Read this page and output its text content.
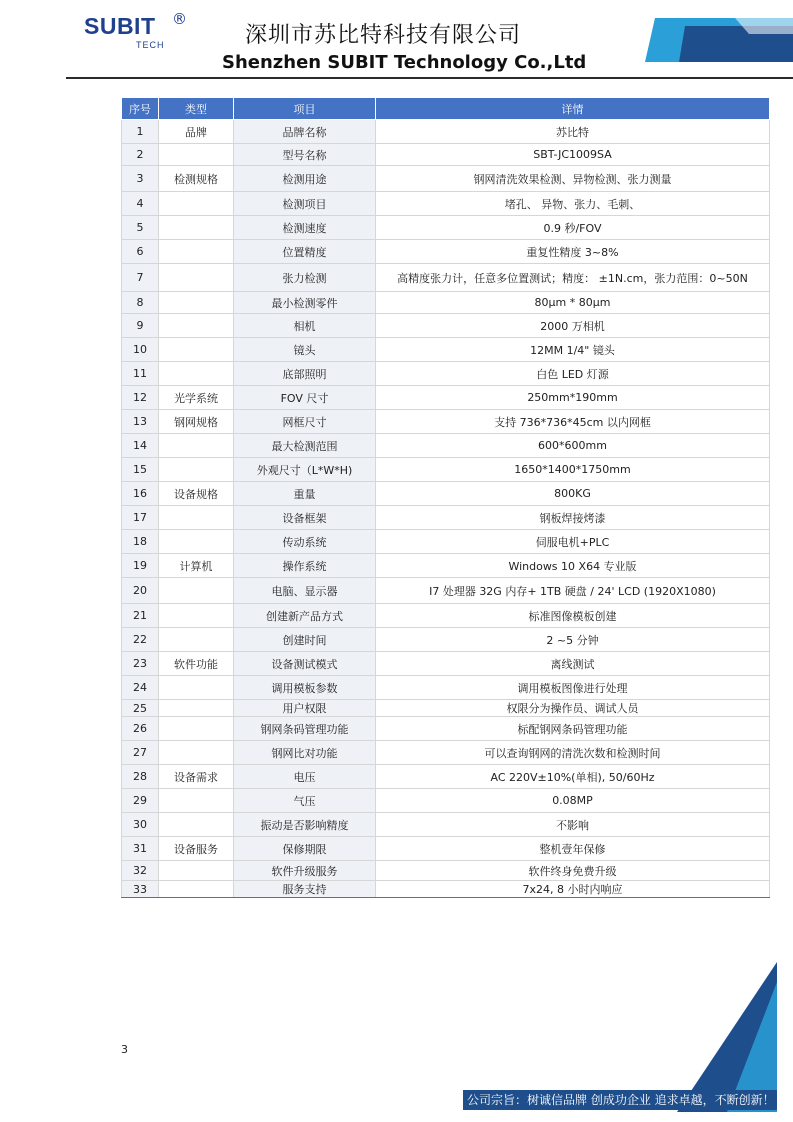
SUBIT ®
TECH	深圳市苏比特科技有限公司
Shenzhen SUBIT Technology Co.,Ltd
序号	类型	项目	详情
1	品牌	品牌名称	苏比特
2		型号名称	SBT-JC1009SA
3	检测规格	检测用途	钢网清洗效果检测、异物检测、张力测量
4		检测项目	堵孔、 异物、张力、毛刺、
5		检测速度	0.9 秒/FOV
6		位置精度	重复性精度 3~8%
7		张力检测	高精度张力计，任意多位置测试；精度： ±1N.cm，张力范围：0~50N
8		最小检测零件	80μm * 80μm
9		相机	2000 万相机
10		镜头	12MM 1/4" 镜头
11		底部照明	白色 LED 灯源
12	光学系统	FOV 尺寸	250mm*190mm
13	钢网规格	网框尺寸	支持 736*736*45cm 以内网框
14		最大检测范围	600*600mm
15		外观尺寸（L*W*H)	1650*1400*1750mm
16	设备规格	重量	800KG
17		设备框架	钢板焊接烤漆
18		传动系统	伺服电机+PLC
19	计算机	操作系统	Windows 10 X64 专业版
20		电脑、显示器	I7 处理器 32G 内存+ 1TB 硬盘 / 24' LCD (1920X1080)
21		创建新产品方式	标准图像模板创建
22		创建时间	2 ~5 分钟
23	软件功能	设备测试模式	离线测试
24		调用模板参数	调用模板图像进行处理
25		用户权限	权限分为操作员、调试人员
26		钢网条码管理功能	标配钢网条码管理功能
27		钢网比对功能	可以查询钢网的清洗次数和检测时间
28	设备需求	电压	AC 220V±10%(单相), 50/60Hz
29		气压	0.08MP
30		振动是否影响精度	不影响
31	设备服务	保修期限	整机壹年保修
32		软件升级服务	软件终身免费升级
33		服务支持	7x24, 8 小时内响应
3
公司宗旨：树诚信品牌 创成功企业 追求卓越，不断创新！
